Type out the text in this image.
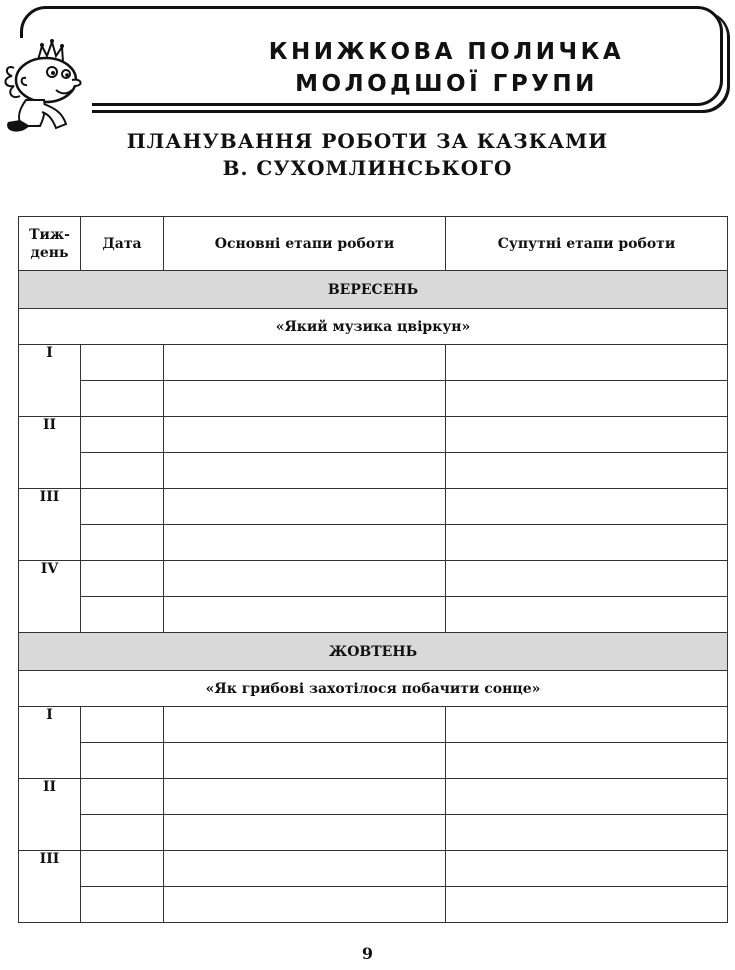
КНИЖКОВА ПОЛИЧКА
МОЛОДШОЇ ГРУПИ
ПЛАНУВАННЯ РОБОТИ ЗА КАЗКАМИ
В. СУХОМЛИНСЬКОГО
Тиж-
день	Дата	Основні етапи роботи	Супутні етапи роботи
ВЕРЕСЕНЬ			
«Який музика цвіркун»			
I			

II			

III			

IV			

ЖОВТЕНЬ			
«Як грибові захотілося побачити сонце»			
I			

II			

III			

9
